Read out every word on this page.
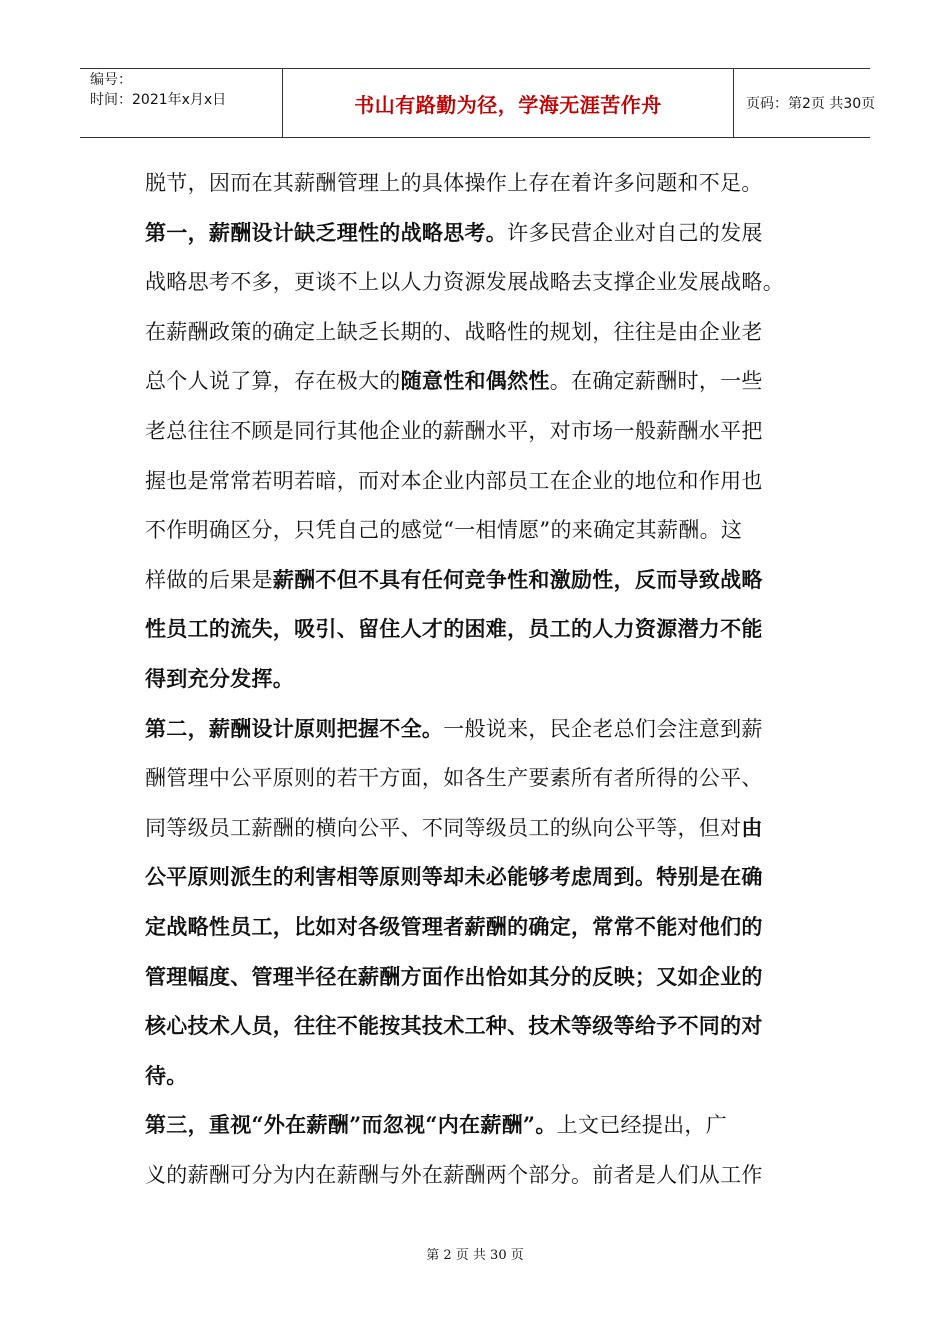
编号：
时间：2021年x月x日	书山有路勤为径，学海无涯苦作舟	页码：第2页 共30页
脱节，因而在其薪酬管理上的具体操作上存在着许多问题和不足。
第一，薪酬设计缺乏理性的战略思考。许多民营企业对自己的发展
战略思考不多，更谈不上以人力资源发展战略去支撑企业发展战略。
在薪酬政策的确定上缺乏长期的、战略性的规划，往往是由企业老
总个人说了算，存在极大的随意性和偶然性。在确定薪酬时，一些
老总往往不顾是同行其他企业的薪酬水平，对市场一般薪酬水平把
握也是常常若明若暗，而对本企业内部员工在企业的地位和作用也
不作明确区分，只凭自己的感觉“一相情愿”的来确定其薪酬。这
样做的后果是薪酬不但不具有任何竞争性和激励性，反而导致战略
性员工的流失，吸引、留住人才的困难，员工的人力资源潜力不能
得到充分发挥。
第二，薪酬设计原则把握不全。一般说来，民企老总们会注意到薪
酬管理中公平原则的若干方面，如各生产要素所有者所得的公平、
同等级员工薪酬的横向公平、不同等级员工的纵向公平等，但对由
公平原则派生的利害相等原则等却未必能够考虑周到。特别是在确
定战略性员工，比如对各级管理者薪酬的确定，常常不能对他们的
管理幅度、管理半径在薪酬方面作出恰如其分的反映；又如企业的
核心技术人员，往往不能按其技术工种、技术等级等给予不同的对
待。
第三，重视“外在薪酬”而忽视“内在薪酬”。上文已经提出，广
义的薪酬可分为内在薪酬与外在薪酬两个部分。前者是人们从工作
第 2 页 共 30 页
